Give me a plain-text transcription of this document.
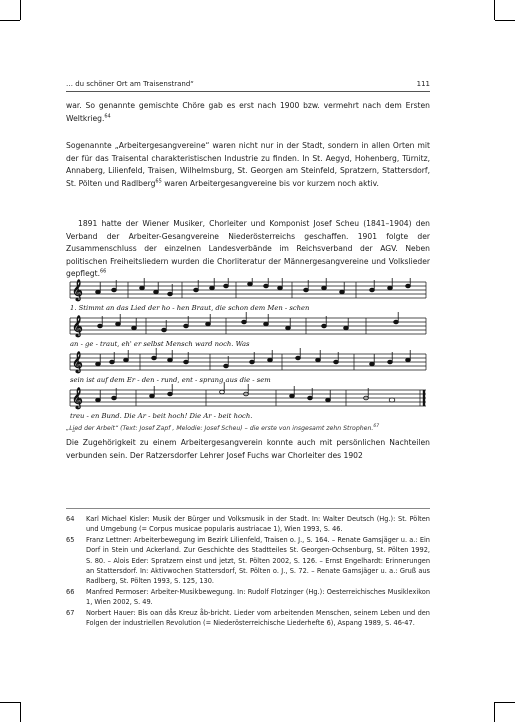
… du schöner Ort am Traisenstrand“	111

war. So genannte gemischte Chöre gab es erst nach 1900 bzw. vermehrt nach dem Ersten Weltkrieg.$^{64}$

Sogenannte „Arbeitergesangvereine“ waren nicht nur in der Stadt, sondern in allen Orten mit der für das Traisental charakteristischen Industrie zu finden. In St. Aegyd, Hohenberg, Türnitz, Annaberg, Lilienfeld, Traisen, Wilhelmsburg, St. Georgen am Steinfeld, Spratzern, Stattersdorf, St. Pölten und Radlberg$^{65}$ waren Arbeitergesangvereine bis vor kurzem noch aktiv.

1891 hatte der Wiener Musiker, Chorleiter und Komponist Josef Scheu (1841–1904) den Verband der Arbeiter-Gesangvereine Niederösterreichs geschaffen. 1901 folgte der Zusammenschluss der einzelnen Landesverbände im Reichsverband der AGV. Neben politischen Freiheitsliedern wurden die Chorliteratur der Männergesangvereine und Volkslieder gepflegt.$^{66}$

𝄞
1. Stimmt an das Lied der ho - hen Braut, die schon dem Men - schen
𝄞
an - ge - traut, eh' er selbst Mensch ward noch. Was
𝄞
sein ist auf dem Er - den - rund, ent - sprang aus die - sem
𝄞
treu - en Bund. Die Ar - beit hoch! Die Ar - beit hoch.

„Lied der Arbeit“ (Text: Josef Zapf , Melodie: Josef Scheu) – die erste von insgesamt zehn Strophen.$^{67}$

“

Die Zugehörigkeit zu einem Arbeitergesangverein konnte auch mit persönlichen Nachteilen verbunden sein. Der Ratzersdorfer Lehrer Josef Fuchs war Chorleiter des 1902

64 Karl Michael Kisler: Musik der Bürger und Volksmusik in der Stadt. In: Walter Deutsch (Hg.): St. Pölten und Umgebung (= Corpus musicae popularis austriacae 1), Wien 1993, S. 46.
65 Franz Lettner: Arbeiterbewegung im Bezirk Lilienfeld, Traisen o. J., S. 164. – Renate Gamsjäger u. a.: Ein Dorf in Stein und Ackerland. Zur Geschichte des Stadtteiles St. Georgen-Ochsenburg, St. Pölten 1992, S. 80. – Alois Eder: Spratzern einst und jetzt, St. Pölten 2002, S. 126. – Ernst Engelhardt: Erinnerungen an Stattersdorf. In: Aktivwochen Stattersdorf, St. Pölten o. J., S. 72. – Renate Gamsjäger u. a.: Gruß aus Radlberg, St. Pölten 1993, S. 125, 130.
66 Manfred Permoser: Arbeiter-Musikbewegung. In: Rudolf Flotzinger (Hg.): Oesterreichisches Musiklexikon 1, Wien 2002, S. 49.
67 Norbert Hauer: Bis oan dås Kreuz åb-bricht. Lieder vom arbeitenden Menschen, seinem Leben und den Folgen der industriellen Revolution (= Niederösterreichische Liederhefte 6), Aspang 1989, S. 46-47.
